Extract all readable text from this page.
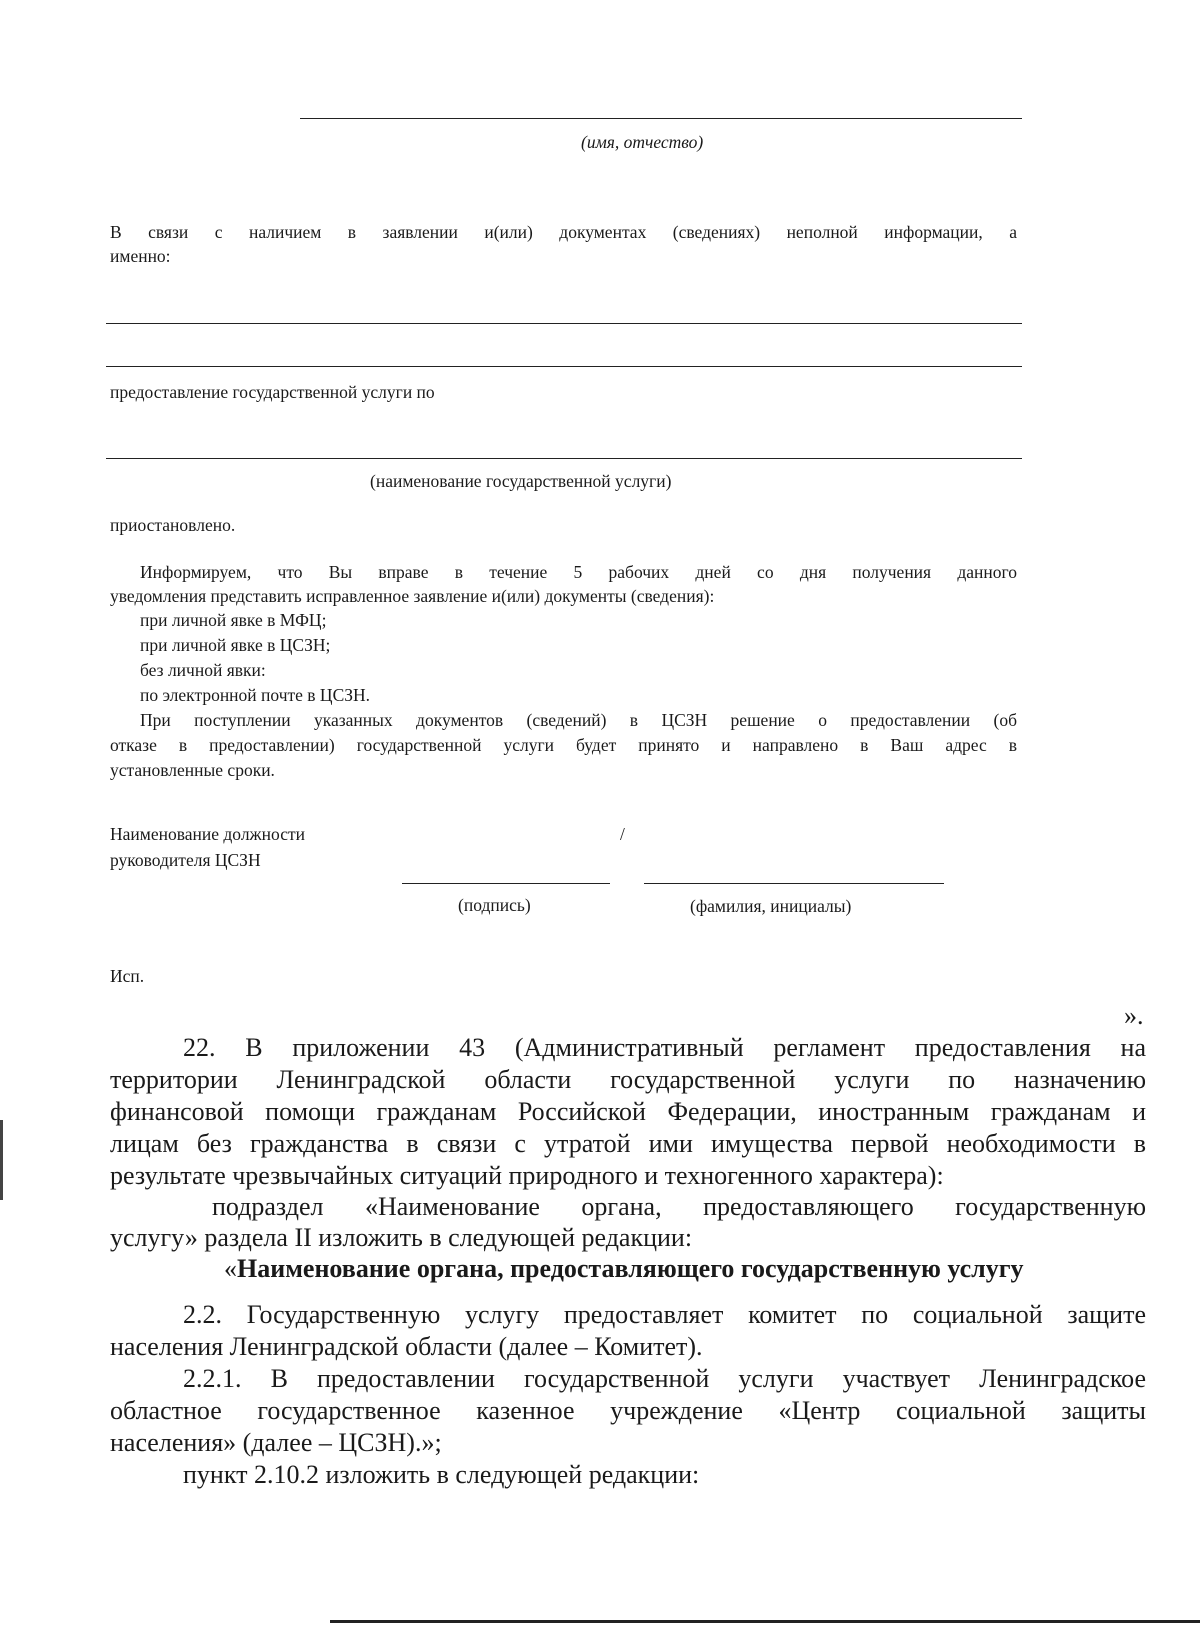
(имя, отчество)
В связи с наличием в заявлении и(или) документах (сведениях) неполной информации, а
именно:
предоставление государственной услуги по
(наименование государственной услуги)
приостановлено.
Информируем, что Вы вправе в течение 5 рабочих дней со дня получения данного
уведомления представить исправленное заявление и(или) документы (сведения):
при личной явке в МФЦ;
при личной явке в ЦСЗН;
без личной явки:
по электронной почте в ЦСЗН.
При поступлении указанных документов (сведений) в ЦСЗН решение о предоставлении (об
отказе в предоставлении) государственной услуги будет принято и направлено в Ваш адрес в
установленные сроки.
Наименование должности
руководителя ЦСЗН
/
(подпись)	(фамилия, инициалы)
Исп.
».
22. В приложении 43 (Административный регламент предоставления на
территории Ленинградской области государственной услуги по назначению
финансовой помощи гражданам Российской Федерации, иностранным гражданам и
лицам без гражданства в связи с утратой ими имущества первой необходимости в
результате чрезвычайных ситуаций природного и техногенного характера):
подраздел «Наименование органа, предоставляющего государственную
услугу» раздела II изложить в следующей редакции:
«Наименование органа, предоставляющего государственную услугу
2.2. Государственную услугу предоставляет комитет по социальной защите
населения Ленинградской области (далее – Комитет).
2.2.1. В предоставлении государственной услуги участвует Ленинградское
областное государственное казенное учреждение «Центр социальной защиты
населения» (далее – ЦСЗН).»;
пункт 2.10.2 изложить в следующей редакции:
